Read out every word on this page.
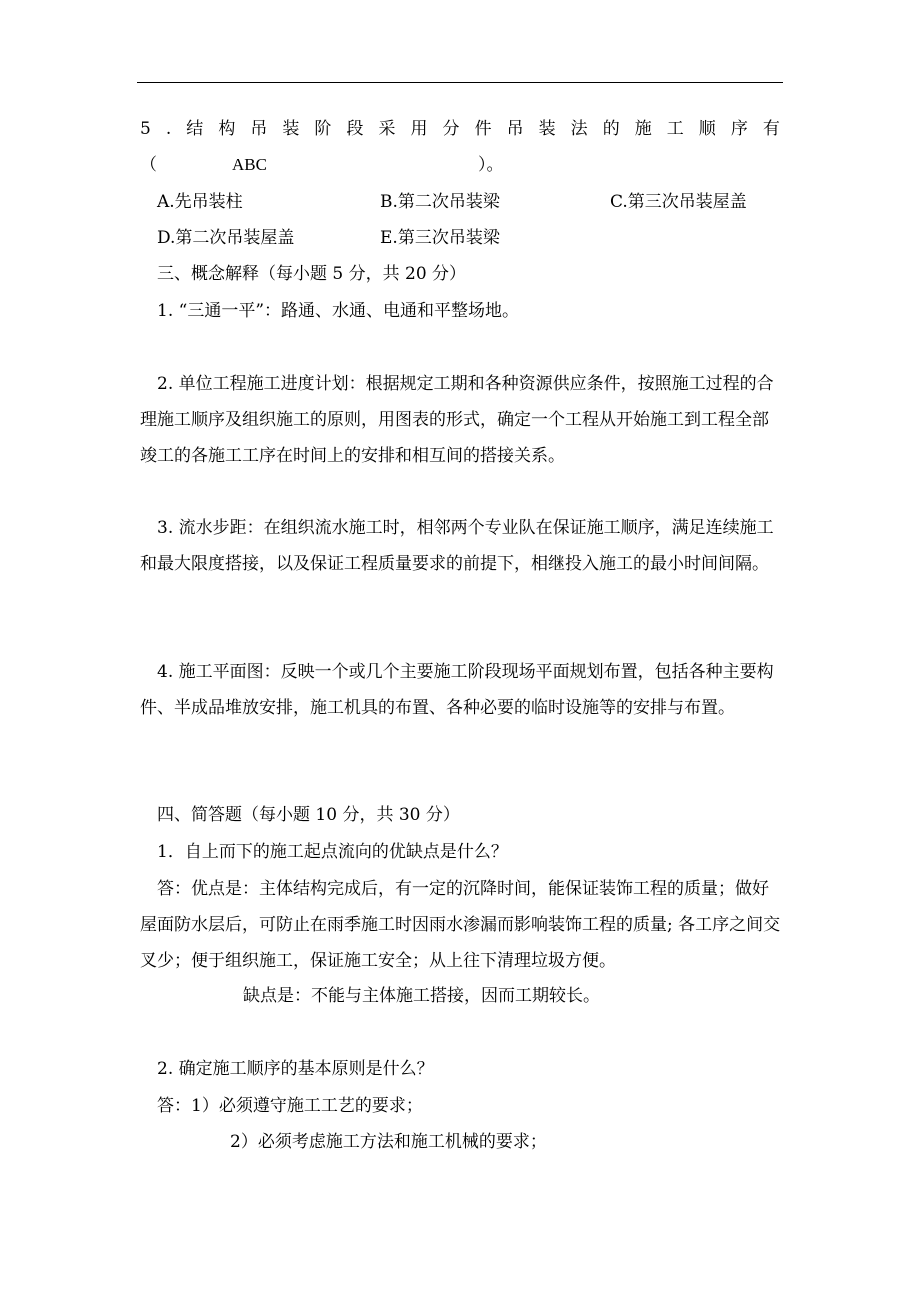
5 . 结 构 吊 装 阶 段 采 用 分 件 吊 装 法 的 施 工 顺 序 有
（	ABC	）。
A.先吊装柱	B.第二次吊装梁	C.第三次吊装屋盖
D.第二次吊装屋盖	E.第三次吊装梁
三、概念解释（每小题 5 分，共 20 分）
1. “三通一平”：路通、水通、电通和平整场地。
2. 单位工程施工进度计划：根据规定工期和各种资源供应条件，按照施工过程的合理施工顺序及组织施工的原则，用图表的形式，确定一个工程从开始施工到工程全部竣工的各施工工序在时间上的安排和相互间的搭接关系。
3. 流水步距：在组织流水施工时，相邻两个专业队在保证施工顺序，满足连续施工和最大限度搭接，以及保证工程质量要求的前提下，相继投入施工的最小时间间隔。
4. 施工平面图：反映一个或几个主要施工阶段现场平面规划布置，包括各种主要构件、半成品堆放安排，施工机具的布置、各种必要的临时设施等的安排与布置。
四、简答题（每小题 10 分，共 30 分）
1．自上而下的施工起点流向的优缺点是什么？
答：优点是：主体结构完成后，有一定的沉降时间，能保证装饰工程的质量；做好屋面防水层后，可防止在雨季施工时因雨水渗漏而影响装饰工程的质量; 各工序之间交叉少；便于组织施工，保证施工安全；从上往下清理垃圾方便。
缺点是：不能与主体施工搭接，因而工期较长。
2. 确定施工顺序的基本原则是什么？
答：1）必须遵守施工工艺的要求；
2）必须考虑施工方法和施工机械的要求；
